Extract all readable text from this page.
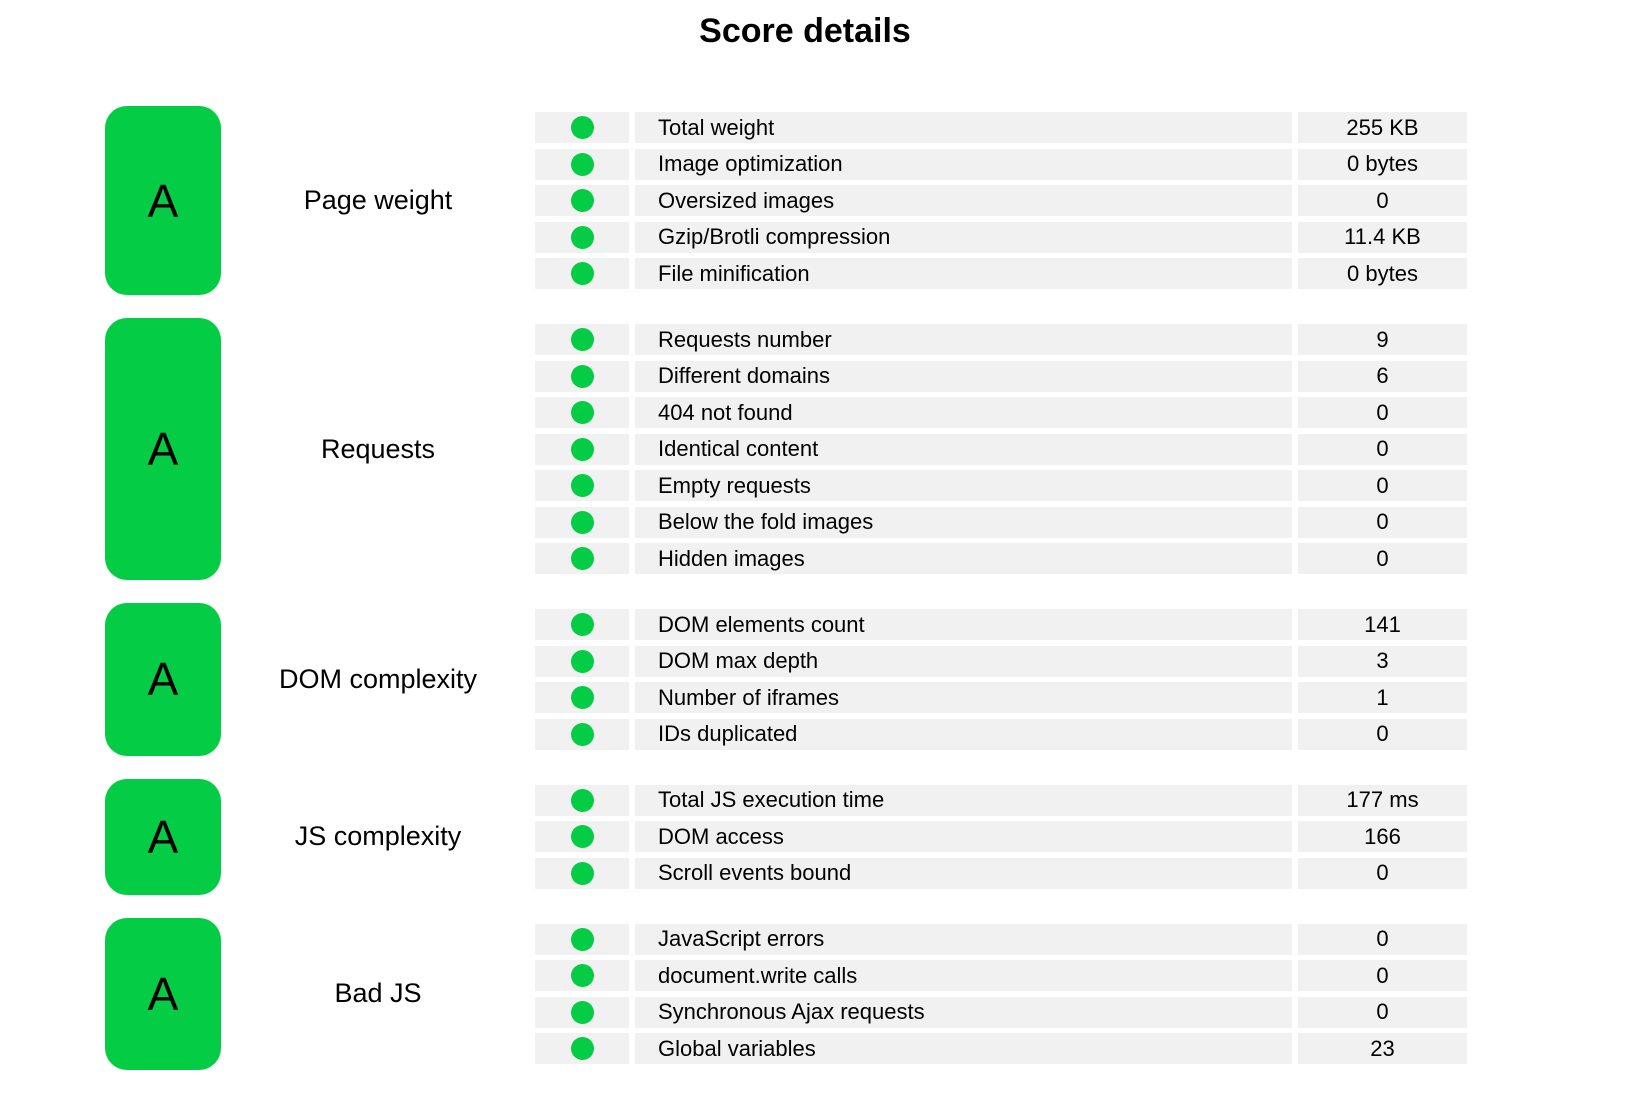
Score details
A	Page weight
Total weight	255 KB
Image optimization	0 bytes
Oversized images	0
Gzip/Brotli compression	11.4 KB
File minification	0 bytes
A	Requests
Requests number	9
Different domains	6
404 not found	0
Identical content	0
Empty requests	0
Below the fold images	0
Hidden images	0
A	DOM complexity
DOM elements count	141
DOM max depth	3
Number of iframes	1
IDs duplicated	0
A	JS complexity
Total JS execution time	177 ms
DOM access	166
Scroll events bound	0
A	Bad JS
JavaScript errors	0
document.write calls	0
Synchronous Ajax requests	0
Global variables	23
